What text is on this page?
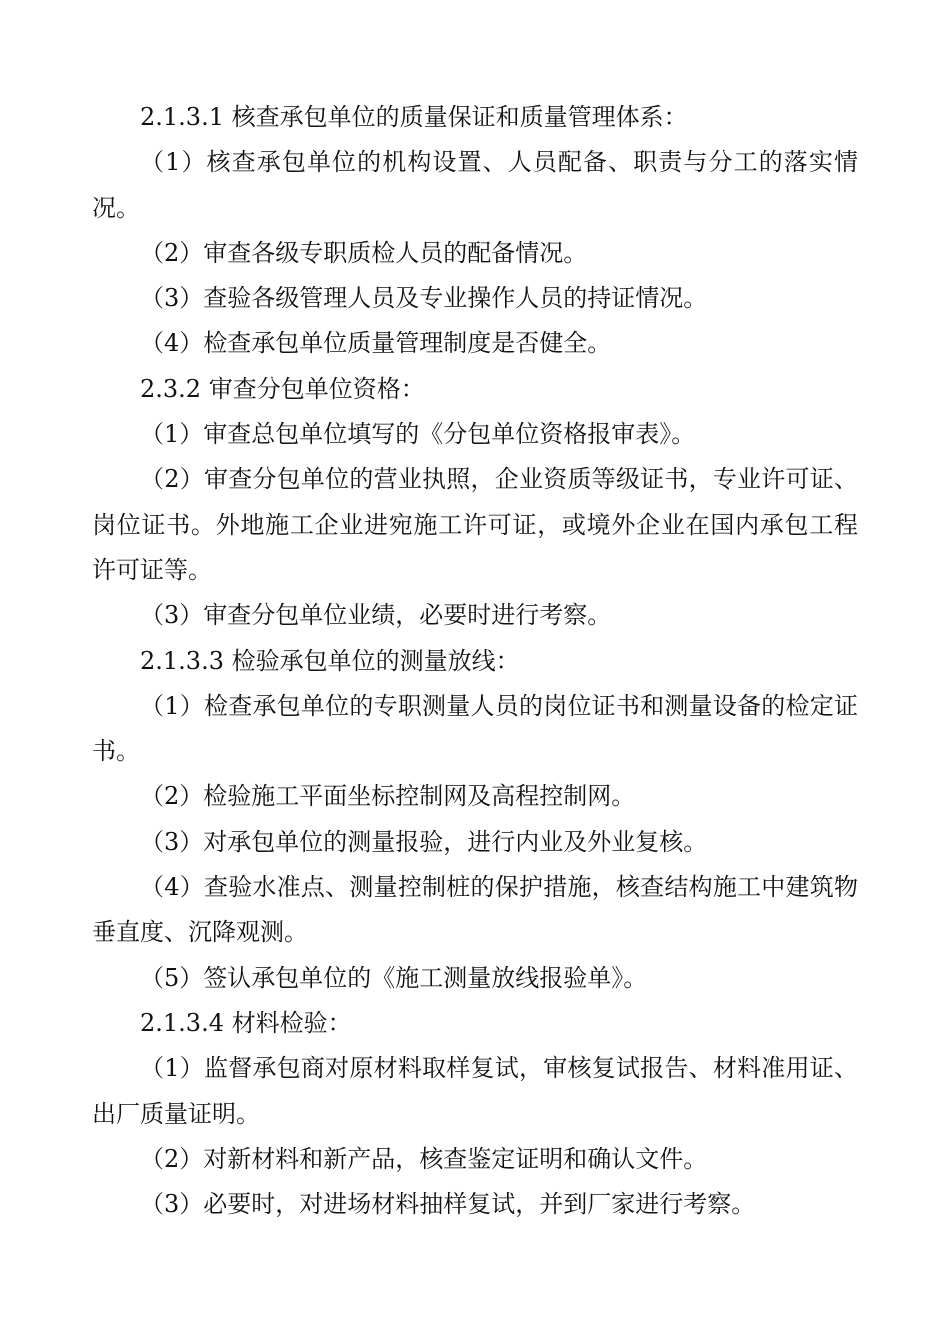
2.1.3.1 核查承包单位的质量保证和质量管理体系：

（1）核查承包单位的机构设置、人员配备、职责与分工的落实情况。

（2）审查各级专职质检人员的配备情况。

（3）查验各级管理人员及专业操作人员的持证情况。

（4）检查承包单位质量管理制度是否健全。

2.3.2 审查分包单位资格：

（1）审查总包单位填写的《分包单位资格报审表》。

（2）审查分包单位的营业执照，企业资质等级证书，专业许可证、岗位证书。外地施工企业进宛施工许可证，或境外企业在国内承包工程许可证等。

（3）审查分包单位业绩，必要时进行考察。

2.1.3.3 检验承包单位的测量放线：

（1）检查承包单位的专职测量人员的岗位证书和测量设备的检定证书。

（2）检验施工平面坐标控制网及高程控制网。

（3）对承包单位的测量报验，进行内业及外业复核。

（4）查验水准点、测量控制桩的保护措施，核查结构施工中建筑物垂直度、沉降观测。

（5）签认承包单位的《施工测量放线报验单》。

2.1.3.4 材料检验：

（1）监督承包商对原材料取样复试，审核复试报告、材料准用证、出厂质量证明。

（2）对新材料和新产品，核查鉴定证明和确认文件。

（3）必要时，对进场材料抽样复试，并到厂家进行考察。
